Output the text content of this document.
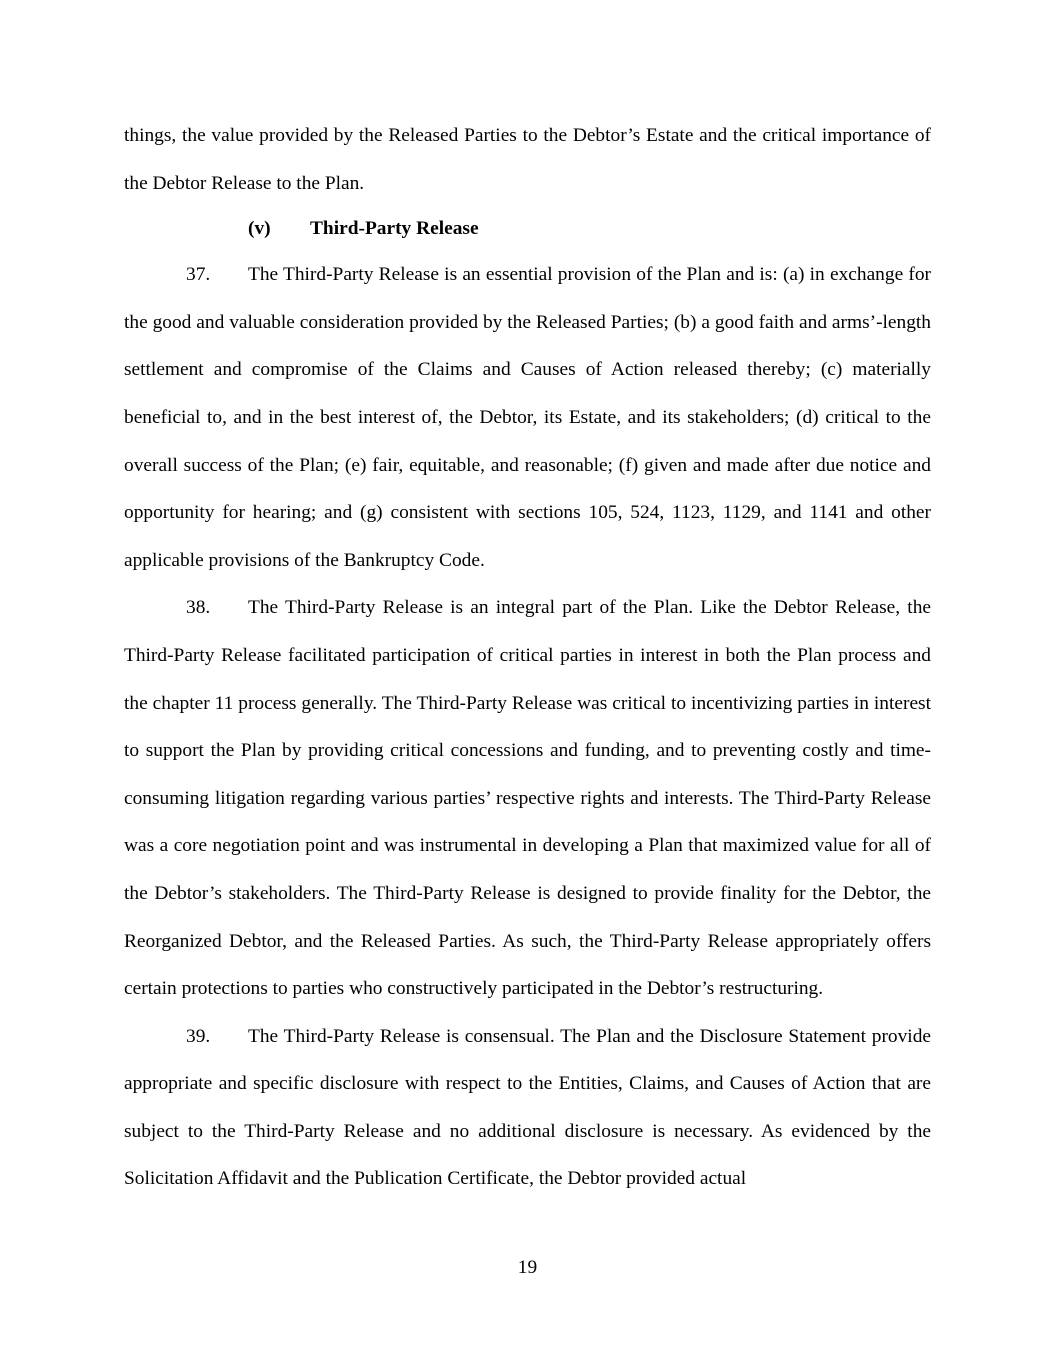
things, the value provided by the Released Parties to the Debtor’s Estate and the critical importance of the Debtor Release to the Plan.

(v) Third-Party Release

37. The Third-Party Release is an essential provision of the Plan and is: (a) in exchange for the good and valuable consideration provided by the Released Parties; (b) a good faith and arms’-length settlement and compromise of the Claims and Causes of Action released thereby; (c) materially beneficial to, and in the best interest of, the Debtor, its Estate, and its stakeholders; (d) critical to the overall success of the Plan; (e) fair, equitable, and reasonable; (f) given and made after due notice and opportunity for hearing; and (g) consistent with sections 105, 524, 1123, 1129, and 1141 and other applicable provisions of the Bankruptcy Code.

38. The Third-Party Release is an integral part of the Plan. Like the Debtor Release, the Third-Party Release facilitated participation of critical parties in interest in both the Plan process and the chapter 11 process generally. The Third-Party Release was critical to incentivizing parties in interest to support the Plan by providing critical concessions and funding, and to preventing costly and time-consuming litigation regarding various parties’ respective rights and interests. The Third-Party Release was a core negotiation point and was instrumental in developing a Plan that maximized value for all of the Debtor’s stakeholders. The Third-Party Release is designed to provide finality for the Debtor, the Reorganized Debtor, and the Released Parties. As such, the Third-Party Release appropriately offers certain protections to parties who constructively participated in the Debtor’s restructuring.

39. The Third-Party Release is consensual. The Plan and the Disclosure Statement provide appropriate and specific disclosure with respect to the Entities, Claims, and Causes of Action that are subject to the Third-Party Release and no additional disclosure is necessary. As evidenced by the Solicitation Affidavit and the Publication Certificate, the Debtor provided actual

19
